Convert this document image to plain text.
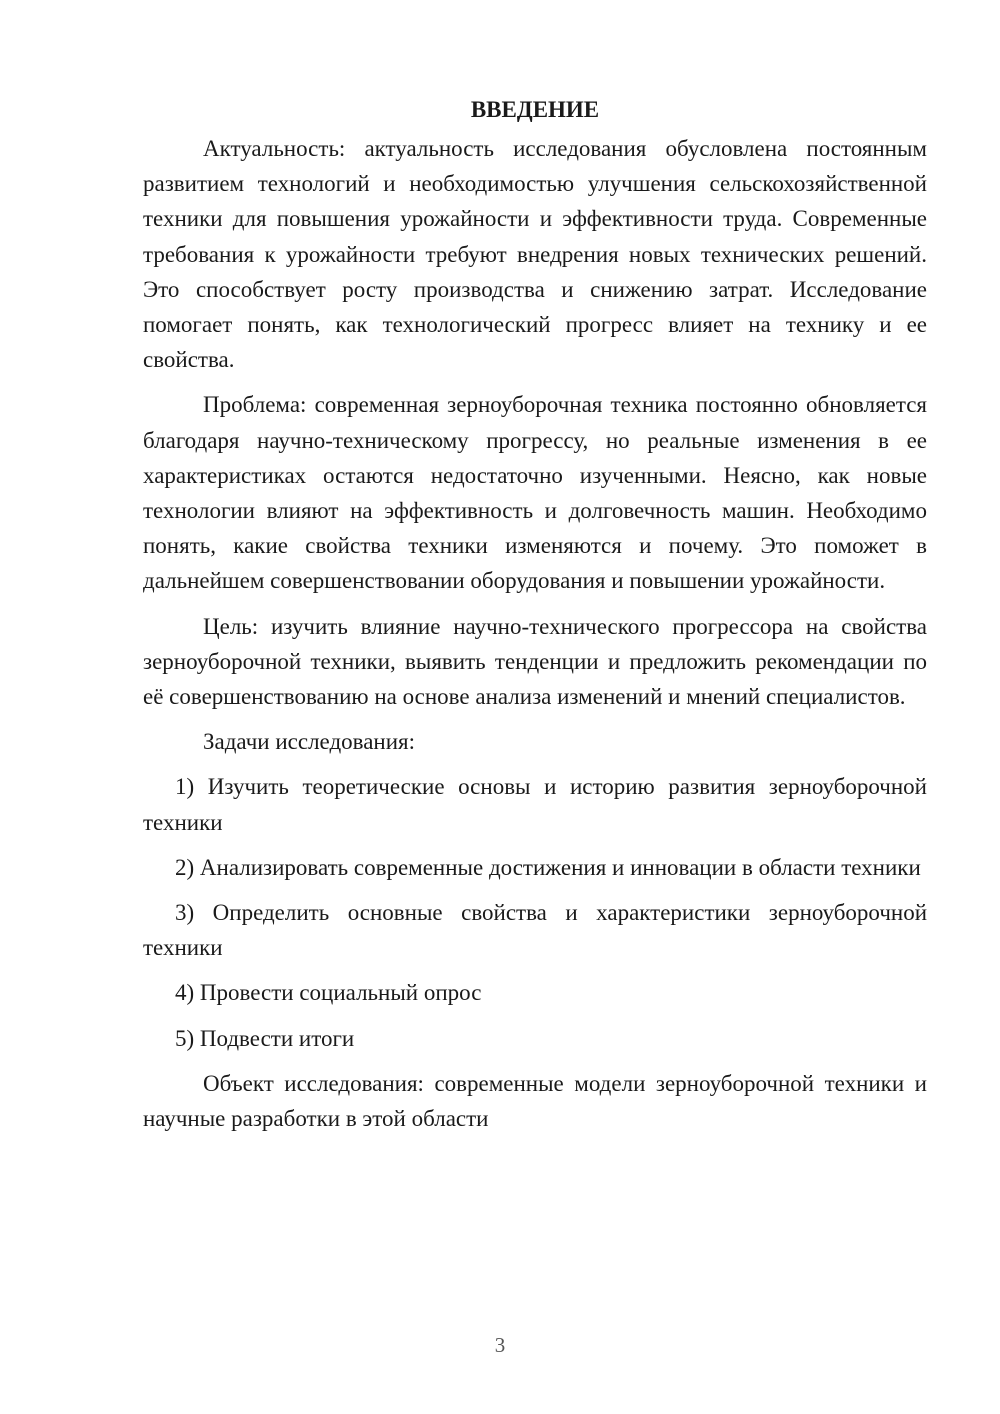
ВВЕДЕНИЕ

Актуальность: актуальность исследования обусловлена постоянным развитием технологий и необходимостью улучшения сельскохозяйственной техники для повышения урожайности и эффективности труда. Современные требования к урожайности требуют внедрения новых технических решений. Это способствует росту производства и снижению затрат. Исследование помогает понять, как технологический прогресс влияет на технику и ее свойства.

Проблема: современная зерноуборочная техника постоянно обновляется благодаря научно-техническому прогрессу, но реальные изменения в ее характеристиках остаются недостаточно изученными. Неясно, как новые технологии влияют на эффективность и долговечность машин. Необходимо понять, какие свойства техники изменяются и почему. Это поможет в дальнейшем совершенствовании оборудования и повышении урожайности.

Цель: изучить влияние научно-технического прогрессора на свойства зерноуборочной техники, выявить тенденции и предложить рекомендации по её совершенствованию на основе анализа изменений и мнений специалистов.

Задачи исследования:

1) Изучить теоретические основы и историю развития зерноуборочной техники

2) Анализировать современные достижения и инновации в области техники

3) Определить основные свойства и характеристики зерноуборочной техники

4) Провести социальный опрос

5) Подвести итоги

Объект исследования: современные модели зерноуборочной техники и научные разработки в этой области

3
